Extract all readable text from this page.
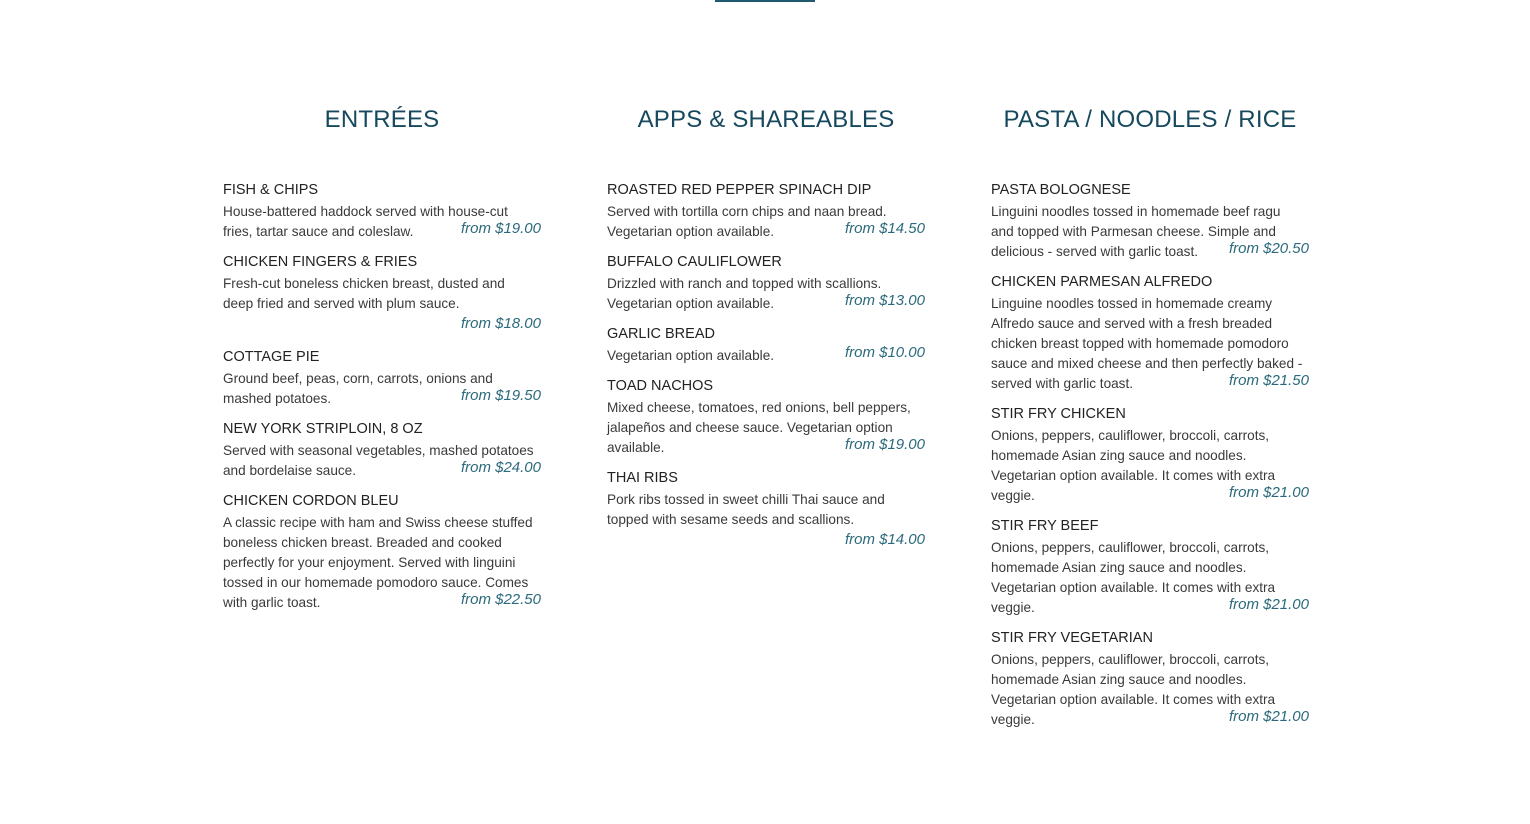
ENTRÉES
FISH & CHIPS
House-battered haddock served with house-cut fries, tartar sauce and coleslaw.	from $19.00
CHICKEN FINGERS & FRIES
Fresh-cut boneless chicken breast, dusted and deep fried and served with plum sauce.
from $18.00
COTTAGE PIE
Ground beef, peas, corn, carrots, onions and mashed potatoes.	from $19.50
NEW YORK STRIPLOIN, 8 OZ
Served with seasonal vegetables, mashed potatoes and bordelaise sauce.	from $24.00
CHICKEN CORDON BLEU
A classic recipe with ham and Swiss cheese stuffed boneless chicken breast. Breaded and cooked perfectly for your enjoyment. Served with linguini tossed in our homemade pomodoro sauce. Comes with garlic toast.	from $22.50
APPS & SHAREABLES
ROASTED RED PEPPER SPINACH DIP
Served with tortilla corn chips and naan bread. Vegetarian option available.	from $14.50
BUFFALO CAULIFLOWER
Drizzled with ranch and topped with scallions. Vegetarian option available.	from $13.00
GARLIC BREAD
Vegetarian option available.	from $10.00
TOAD NACHOS
Mixed cheese, tomatoes, red onions, bell peppers, jalapeños and cheese sauce. Vegetarian option available.	from $19.00
THAI RIBS
Pork ribs tossed in sweet chilli Thai sauce and topped with sesame seeds and scallions.
from $14.00
PASTA / NOODLES / RICE
PASTA BOLOGNESE
Linguini noodles tossed in homemade beef ragu and topped with Parmesan cheese. Simple and delicious - served with garlic toast.	from $20.50
CHICKEN PARMESAN ALFREDO
Linguine noodles tossed in homemade creamy Alfredo sauce and served with a fresh breaded chicken breast topped with homemade pomodoro sauce and mixed cheese and then perfectly baked - served with garlic toast.	from $21.50
STIR FRY CHICKEN
Onions, peppers, cauliflower, broccoli, carrots, homemade Asian zing sauce and noodles. Vegetarian option available. It comes with extra veggie.	from $21.00
STIR FRY BEEF
Onions, peppers, cauliflower, broccoli, carrots, homemade Asian zing sauce and noodles. Vegetarian option available. It comes with extra veggie.	from $21.00
STIR FRY VEGETARIAN
Onions, peppers, cauliflower, broccoli, carrots, homemade Asian zing sauce and noodles. Vegetarian option available. It comes with extra veggie.	from $21.00
